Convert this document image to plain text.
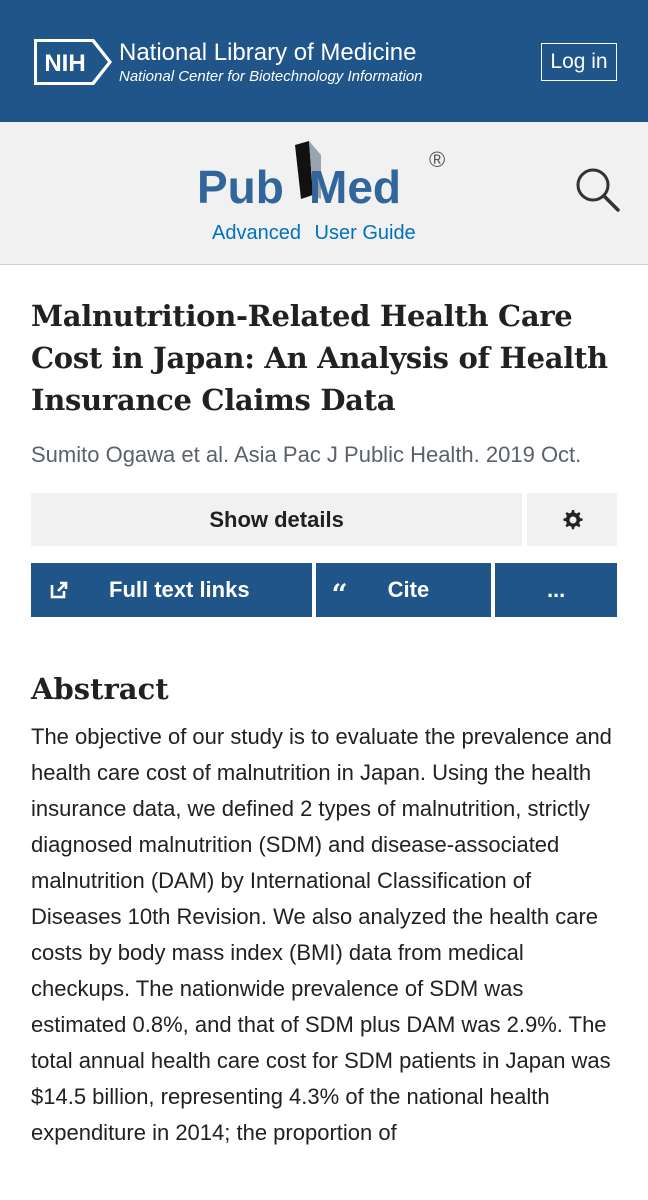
NIH National Library of Medicine
National Center for Biotechnology Information
Log in
Pub Med
®
Advanced User Guide
Malnutrition-Related Health Care Cost in Japan: An Analysis of Health Insurance Claims Data
Sumito Ogawa et al. Asia Pac J Public Health. 2019 Oct.
Show details
Full text links	“ Cite	...
Abstract
The objective of our study is to evaluate the prevalence and health care cost of malnutrition in Japan. Using the health insurance data, we defined 2 types of malnutrition, strictly diagnosed malnutrition (SDM) and disease-associated malnutrition (DAM) by International Classification of Diseases 10th Revision. We also analyzed the health care costs by body mass index (BMI) data from medical checkups. The nationwide prevalence of SDM was estimated 0.8%, and that of SDM plus DAM was 2.9%. The total annual health care cost for SDM patients in Japan was $14.5 billion, representing 4.3% of the national health expenditure in 2014; the proportion of
